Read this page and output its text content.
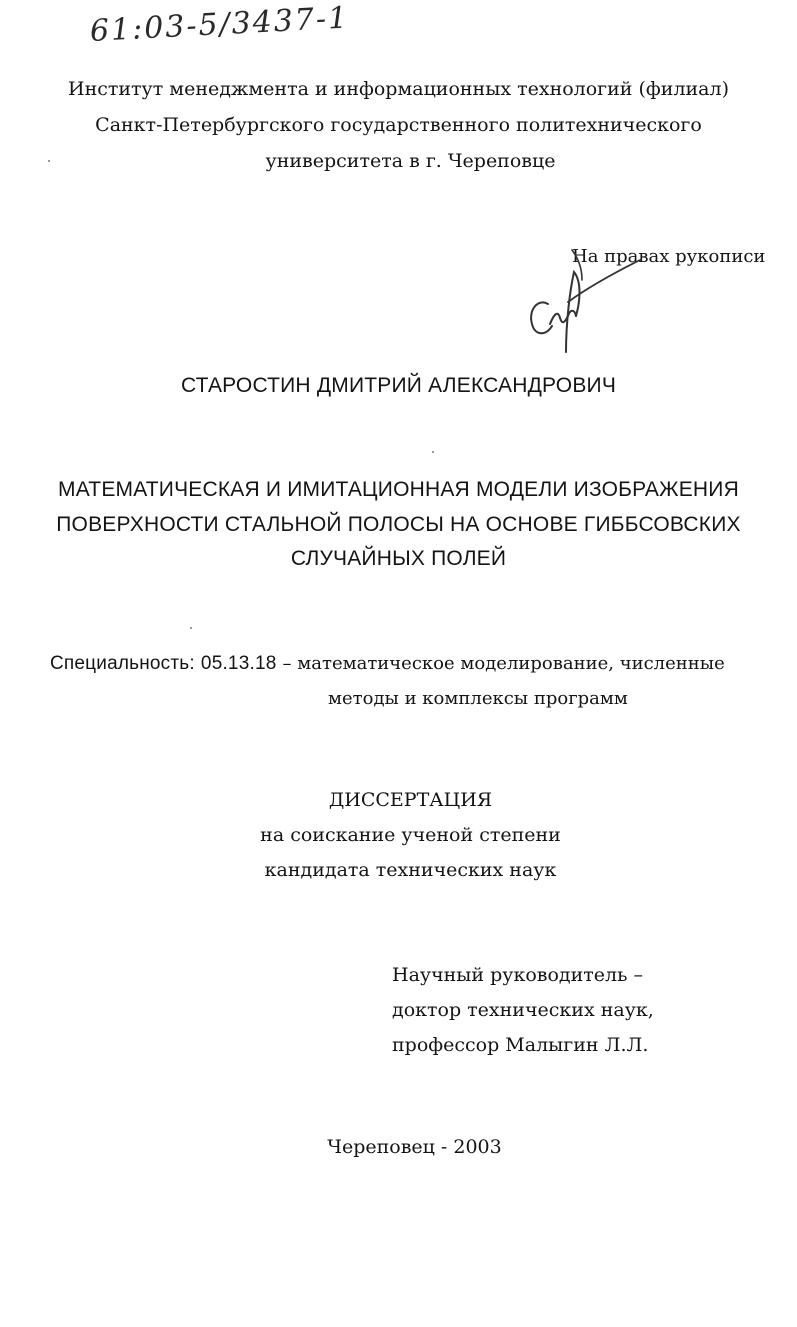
61:03-5/3437-1
Институт менеджмента и информационных технологий (филиал)
Санкт-Петербургского государственного политехнического
университета в г. Череповце
На правах рукописи
СТАРОСТИН ДМИТРИЙ АЛЕКСАНДРОВИЧ
МАТЕМАТИЧЕСКАЯ И ИМИТАЦИОННАЯ МОДЕЛИ ИЗОБРАЖЕНИЯ
ПОВЕРХНОСТИ СТАЛЬНОЙ ПОЛОСЫ НА ОСНОВЕ ГИББСОВСКИХ
СЛУЧАЙНЫХ ПОЛЕЙ
Специальность: 05.13.18 – математическое моделирование, численные
методы и комплексы программ
ДИССЕРТАЦИЯ
на соискание ученой степени
кандидата технических наук
Научный руководитель –
доктор технических наук,
профессор Малыгин Л.Л.
Череповец - 2003
